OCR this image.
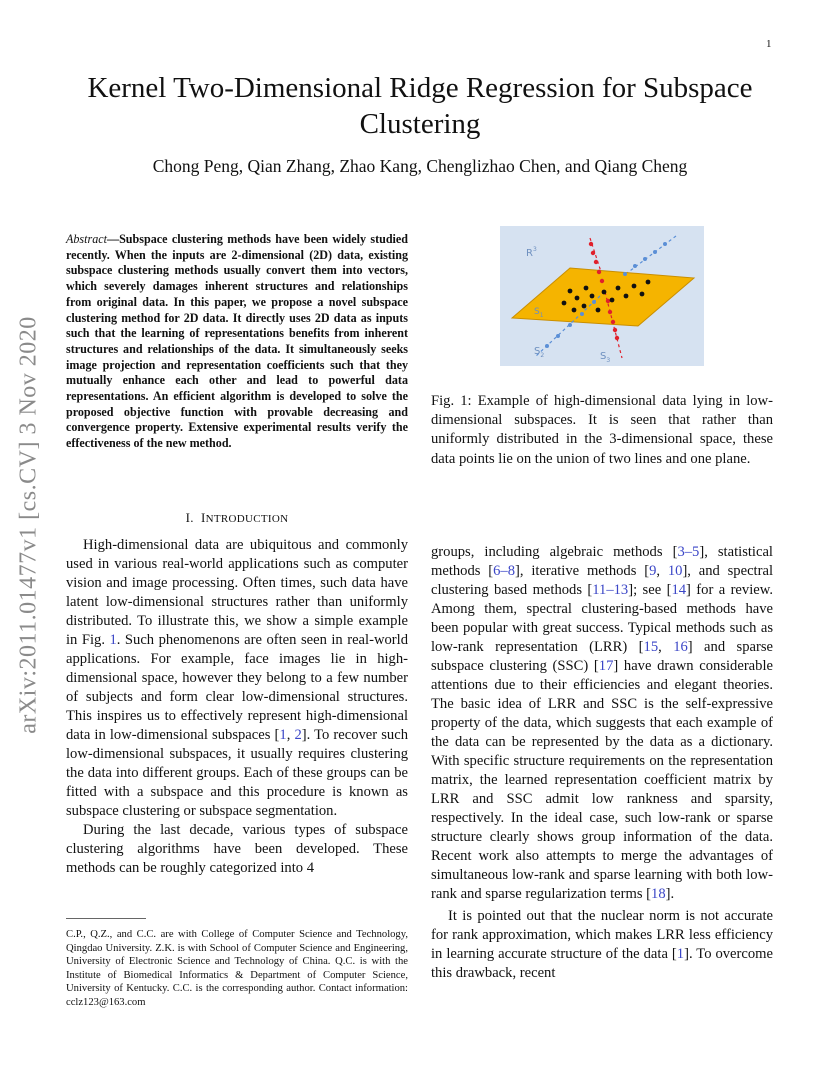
1
arXiv:2011.01477v1 [cs.CV] 3 Nov 2020
Kernel Two-Dimensional Ridge Regression for Subspace Clustering
Chong Peng, Qian Zhang, Zhao Kang, Chenglizhao Chen, and Qiang Cheng
Abstract—Subspace clustering methods have been widely studied recently. When the inputs are 2-dimensional (2D) data, existing subspace clustering methods usually convert them into vectors, which severely damages inherent structures and relationships from original data. In this paper, we propose a novel subspace clustering method for 2D data. It directly uses 2D data as inputs such that the learning of representations benefits from inherent structures and relationships of the data. It simultaneously seeks image projection and representation coefficients such that they mutually enhance each other and lead to powerful data representations. An efficient algorithm is developed to solve the proposed objective function with provable decreasing and convergence property. Extensive experimental results verify the effectiveness of the new method.
$R^3$
$S_1$
$S_2$	$S_3$
Fig. 1: Example of high-dimensional data lying in low-dimensional subspaces. It is seen that rather than uniformly distributed in the 3-dimensional space, these data points lie on the union of two lines and one plane.
I. INTRODUCTION

High-dimensional data are ubiquitous and commonly used in various real-world applications such as computer vision and image processing. Often times, such data have latent low-dimensional structures rather than uniformly distributed. To illustrate this, we show a simple example in Fig. 1. Such phenomenons are often seen in real-world applications. For example, face images lie in high-dimensional space, however they belong to a few number of subjects and form clear low-dimensional structures. This inspires us to effectively represent high-dimensional data in low-dimensional subspaces [1, 2]. To recover such low-dimensional subspaces, it usually requires clustering the data into different groups. Each of these groups can be fitted with a subspace and this procedure is known as subspace clustering or subspace segmentation.

During the last decade, various types of subspace clustering algorithms have been developed. These methods can be roughly categorized into 4

C.P., Q.Z., and C.C. are with College of Computer Science and Technology, Qingdao University. Z.K. is with School of Computer Science and Engineering, University of Electronic Science and Technology of China. Q.C. is with the Institute of Biomedical Informatics & Department of Computer Science, University of Kentucky. C.C. is the corresponding author. Contact information: cclz123@163.com

groups, including algebraic methods [3–5], statistical methods [6–8], iterative methods [9, 10], and spectral clustering based methods [11–13]; see [14] for a review. Among them, spectral clustering-based methods have been popular with great success. Typical methods such as low-rank representation (LRR) [15, 16] and sparse subspace clustering (SSC) [17] have drawn considerable attentions due to their efficiencies and elegant theories. The basic idea of LRR and SSC is the self-expressive property of the data, which suggests that each example of the data can be represented by the data as a dictionary. With specific structure requirements on the representation matrix, the learned representation coefficient matrix by LRR and SSC admit low rankness and sparsity, respectively. In the ideal case, such low-rank or sparse structure clearly shows group information of the data. Recent work also attempts to merge the advantages of simultaneous low-rank and sparse learning with both low-rank and sparse regularization terms [18].

It is pointed out that the nuclear norm is not accurate for rank approximation, which makes LRR less efficiency in learning accurate structure of the data [1]. To overcome this drawback, recent
